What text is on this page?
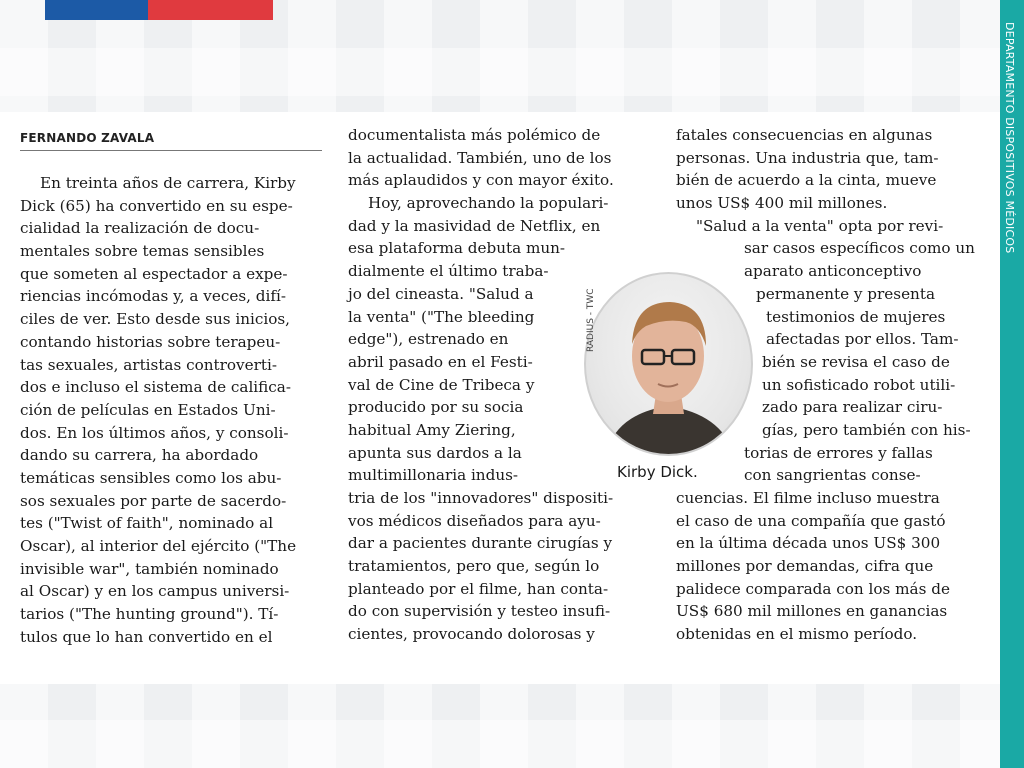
DEPARTAMENTO DISPOSITIVOS MÉDICOS
FERNANDO ZAVALA
En treinta años de carrera, Kirby
Dick (65) ha convertido en su espe-
cialidad la realización de docu-
mentales sobre temas sensibles
que someten al espectador a expe-
riencias incómodas y, a veces, difí-
ciles de ver. Esto desde sus inicios,
contando historias sobre terapeu-
tas sexuales, artistas controverti-
dos e incluso el sistema de califica-
ción de películas en Estados Uni-
dos. En los últimos años, y consoli-
dando su carrera, ha abordado
temáticas sensibles como los abu-
sos sexuales por parte de sacerdo-
tes ("Twist of faith", nominado al
Oscar), al interior del ejército ("The
invisible war", también nominado
al Oscar) y en los campus universi-
tarios ("The hunting ground"). Tí-
tulos que lo han convertido en el
documentalista más polémico de
la actualidad. También, uno de los
más aplaudidos y con mayor éxito.
Hoy, aprovechando la populari-
dad y la masividad de Netflix, en
esa plataforma debuta mun-
dialmente el último traba-
jo del cineasta. "Salud a
la venta" ("The bleeding
edge"), estrenado en
abril pasado en el Festi-
val de Cine de Tribeca y
producido por su socia
habitual Amy Ziering,
apunta sus dardos a la
multimillonaria indus-
tria de los "innovadores" dispositi-
vos médicos diseñados para ayu-
dar a pacientes durante cirugías y
tratamientos, pero que, según lo
planteado por el filme, han conta-
do con supervisión y testeo insufi-
cientes, provocando dolorosas y
fatales consecuencias en algunas
personas. Una industria que, tam-
bién de acuerdo a la cinta, mueve
unos US$ 400 mil millones.
"Salud a la venta" opta por revi-
sar casos específicos como un
aparato anticonceptivo
permanente y presenta
testimonios de mujeres
afectadas por ellos. Tam-
bién se revisa el caso de
un sofisticado robot utili-
zado para realizar ciru-
gías, pero también con his-
torias de errores y fallas
con sangrientas conse-
cuencias. El filme incluso muestra
el caso de una compañía que gastó
en la última década unos US$ 300
millones por demandas, cifra que
palidece comparada con los más de
US$ 680 mil millones en ganancias
obtenidas en el mismo período.
RADIUS - TWC
Kirby Dick.
